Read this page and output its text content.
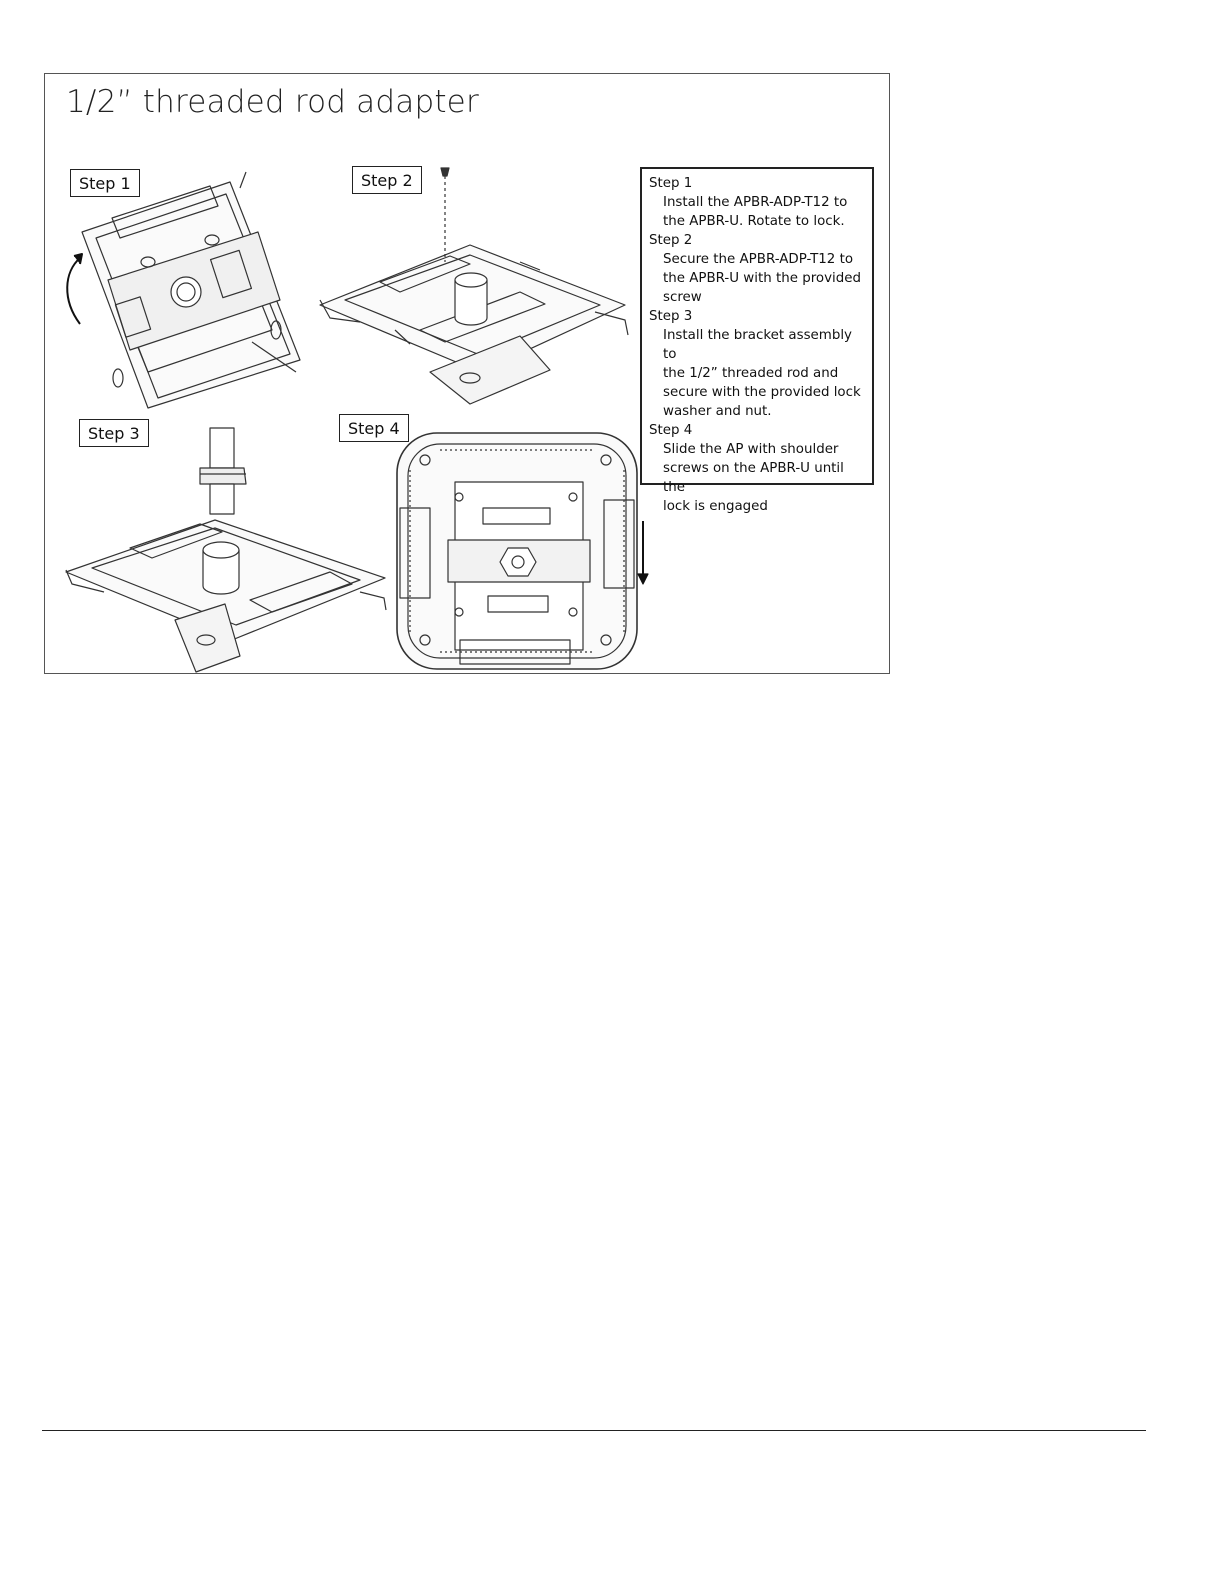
1/2” threaded rod adapter
Step 1	Step 2
Step 3	Step 4
Step 1
Install the APBR-ADP-T12 to
the APBR-U. Rotate to lock.
Step 2
Secure the APBR-ADP-T12 to
the APBR-U with the provided
screw
Step 3
Install the bracket assembly to
the 1/2” threaded rod and
secure with the provided lock
washer and nut.
Step 4
Slide the AP with shoulder
screws on the APBR-U until the
lock is engaged
